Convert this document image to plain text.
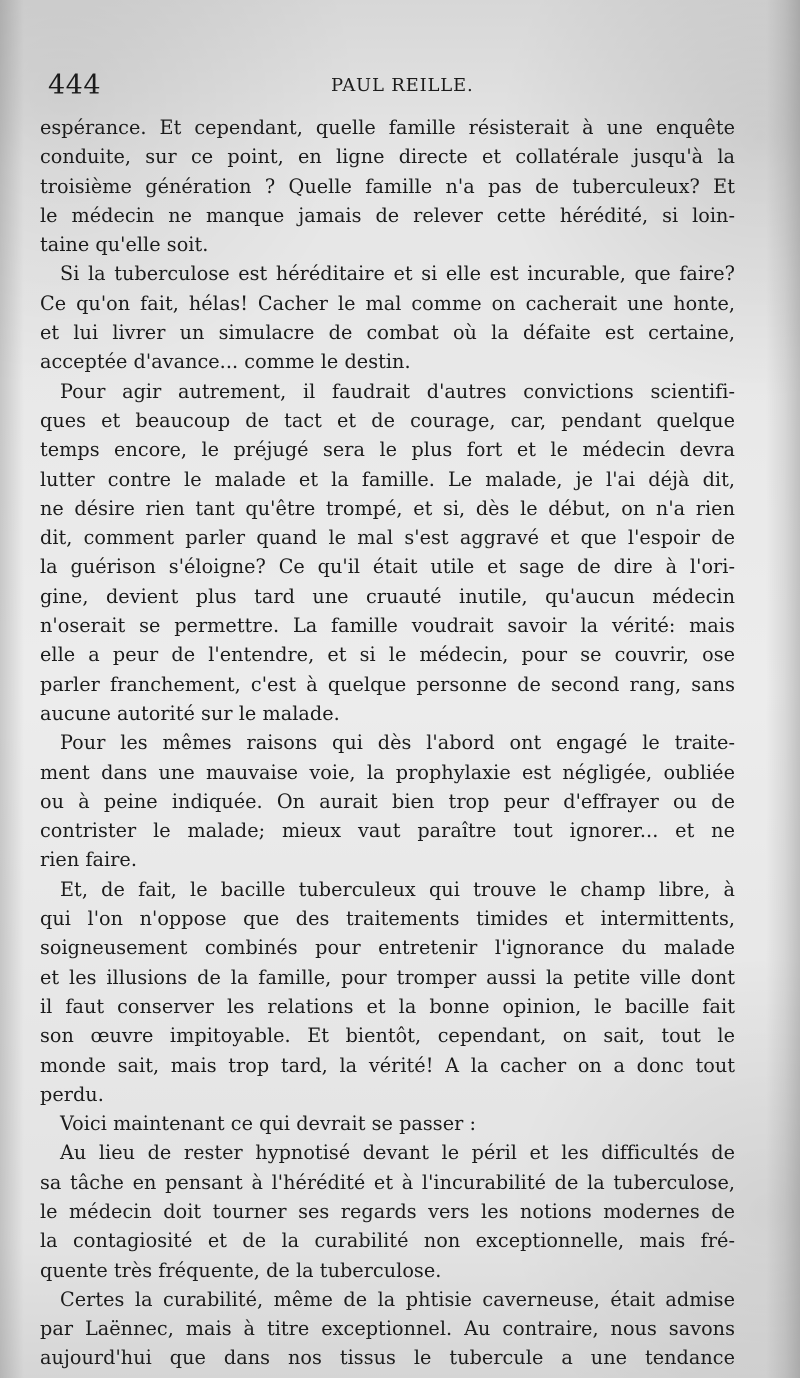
444	PAUL REILLE.
espérance. Et cependant, quelle famille résisterait à une enquête
conduite, sur ce point, en ligne directe et collatérale jusqu'à la
troisième génération ? Quelle famille n'a pas de tuberculeux? Et
le médecin ne manque jamais de relever cette hérédité, si loin-
taine qu'elle soit.
Si la tuberculose est héréditaire et si elle est incurable, que faire?
Ce qu'on fait, hélas! Cacher le mal comme on cacherait une honte,
et lui livrer un simulacre de combat où la défaite est certaine,
acceptée d'avance... comme le destin.
Pour agir autrement, il faudrait d'autres convictions scientifi-
ques et beaucoup de tact et de courage, car, pendant quelque
temps encore, le préjugé sera le plus fort et le médecin devra
lutter contre le malade et la famille. Le malade, je l'ai déjà dit,
ne désire rien tant qu'être trompé, et si, dès le début, on n'a rien
dit, comment parler quand le mal s'est aggravé et que l'espoir de
la guérison s'éloigne? Ce qu'il était utile et sage de dire à l'ori-
gine, devient plus tard une cruauté inutile, qu'aucun médecin
n'oserait se permettre. La famille voudrait savoir la vérité: mais
elle a peur de l'entendre, et si le médecin, pour se couvrir, ose
parler franchement, c'est à quelque personne de second rang, sans
aucune autorité sur le malade.
Pour les mêmes raisons qui dès l'abord ont engagé le traite-
ment dans une mauvaise voie, la prophylaxie est négligée, oubliée
ou à peine indiquée. On aurait bien trop peur d'effrayer ou de
contrister le malade; mieux vaut paraître tout ignorer... et ne
rien faire.
Et, de fait, le bacille tuberculeux qui trouve le champ libre, à
qui l'on n'oppose que des traitements timides et intermittents,
soigneusement combinés pour entretenir l'ignorance du malade
et les illusions de la famille, pour tromper aussi la petite ville dont
il faut conserver les relations et la bonne opinion, le bacille fait
son œuvre impitoyable. Et bientôt, cependant, on sait, tout le
monde sait, mais trop tard, la vérité! A la cacher on a donc tout
perdu.
Voici maintenant ce qui devrait se passer :
Au lieu de rester hypnotisé devant le péril et les difficultés de
sa tâche en pensant à l'hérédité et à l'incurabilité de la tuberculose,
le médecin doit tourner ses regards vers les notions modernes de
la contagiosité et de la curabilité non exceptionnelle, mais fré-
quente très fréquente, de la tuberculose.
Certes la curabilité, même de la phtisie caverneuse, était admise
par Laënnec, mais à titre exceptionnel. Au contraire, nous savons
aujourd'hui que dans nos tissus le tubercule a une tendance
